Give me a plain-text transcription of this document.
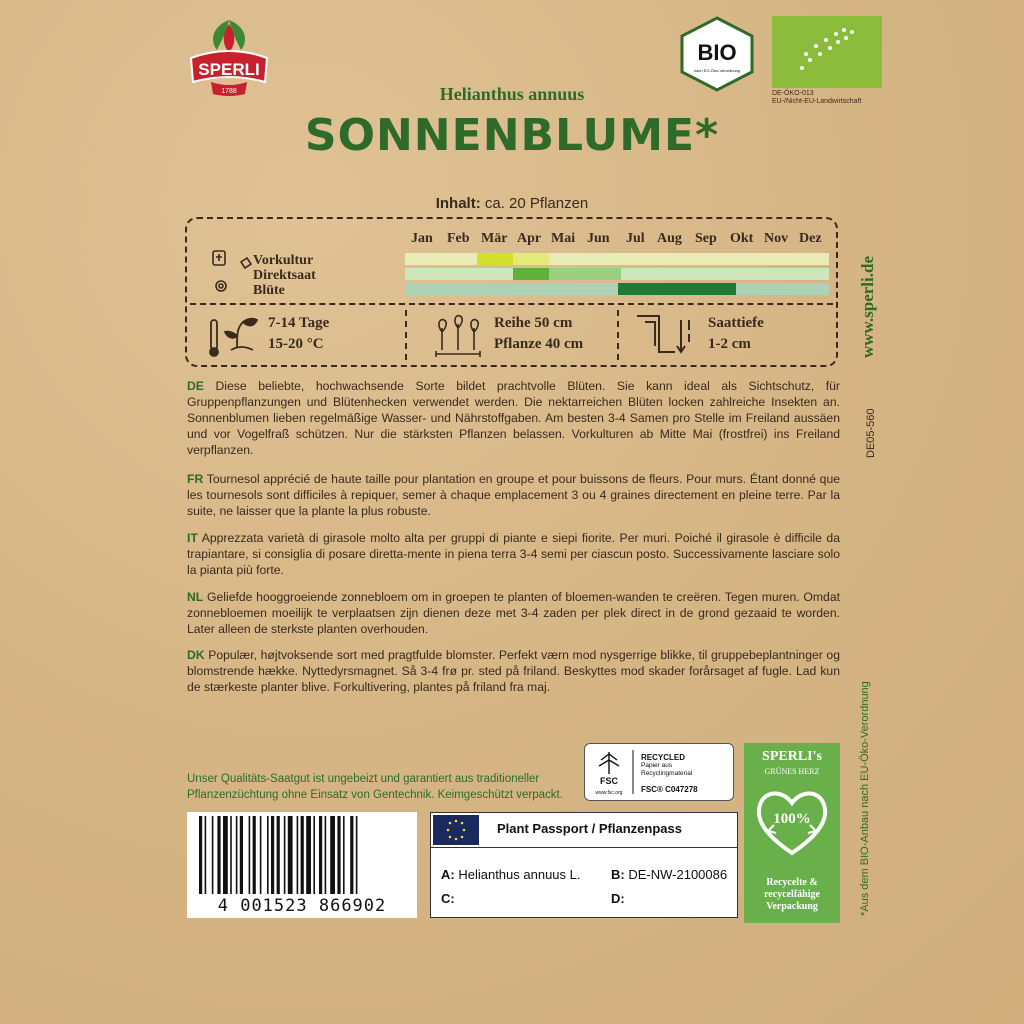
SPERLI
1788
BIO
nach EG-Öko-Verordnung
DE-ÖKO-013
EU-/Nicht-EU-Landwirtschaft
Helianthus annuus
SONNENBLUME*
Inhalt: ca. 20 Pflanzen
Jan Feb Mär Apr Mai Jun Jul Aug Sep Okt Nov Dez
Vorkultur
Direktsaat
Blüte
7-14 Tage
15-20 °C
Reihe 50 cm
Pflanze 40 cm
Saattiefe
1-2 cm	www.sperli.de
DE05-560
DE Diese beliebte, hochwachsende Sorte bildet prachtvolle Blüten. Sie kann ideal als Sichtschutz, für Gruppenpflanzungen und Blütenhecken verwendet werden. Die nektarreichen Blüten locken zahlreiche Insekten an. Sonnenblumen lieben regelmäßige Wasser- und Nährstoffgaben. Am besten 3-4 Samen pro Stelle im Freiland aussäen und vor Vogelfraß schützen. Nur die stärksten Pflanzen belassen. Vorkulturen ab Mitte Mai (frostfrei) ins Freiland verpflanzen.
FR Tournesol apprécié de haute taille pour plantation en groupe et pour buissons de fleurs. Pour murs. Étant donné que les tournesols sont difficiles à repiquer, semer à chaque emplacement 3 ou 4 graines directement en pleine terre. Par la suite, ne laisser que la plante la plus robuste.
IT Apprezzata varietà di girasole molto alta per gruppi di piante e siepi fiorite. Per muri. Poiché il girasole è difficile da trapiantare, si consiglia di posare diretta-mente in piena terra 3-4 semi per ciascun posto. Successivamente lasciare solo la pianta più forte.
NL Geliefde hooggroeiende zonnebloem om in groepen te planten of bloemen-wanden te creëren. Tegen muren. Omdat zonnebloemen moeilijk te verplaatsen zijn dienen deze met 3-4 zaden per plek direct in de grond gezaaid te worden. Later alleen de sterkste planten overhouden.
DK Populær, højtvoksende sort med pragtfulde blomster. Perfekt værn mod nysgerrige blikke, til gruppebeplantninger og blomstrende hække. Nyttedyrsmagnet. Så 3-4 frø pr. sted på friland. Beskyttes mod skader forårsaget af fugle. Lad kun de stærkeste planter blive. Forkultivering, plantes på friland fra maj.
Unser Qualitäts-Saatgut ist ungebeizt und garantiert aus traditioneller Pflanzenzüchtung ohne Einsatz von Gentechnik. Keimgeschützt verpackt.
FSC
www.fsc.org
RECYCLED
Papier aus Recyclingmaterial
FSC® C047278
4 001523 866902
Plant Passport / Pflanzenpass
A: Helianthus annuus L. B: DE-NW-2100086
C:	D:
SPERLI's
GRÜNES HERZ
100%
Recycelte & recycelfähige Verpackung	*Aus dem BIO-Anbau nach EU-Öko-Verordnung
